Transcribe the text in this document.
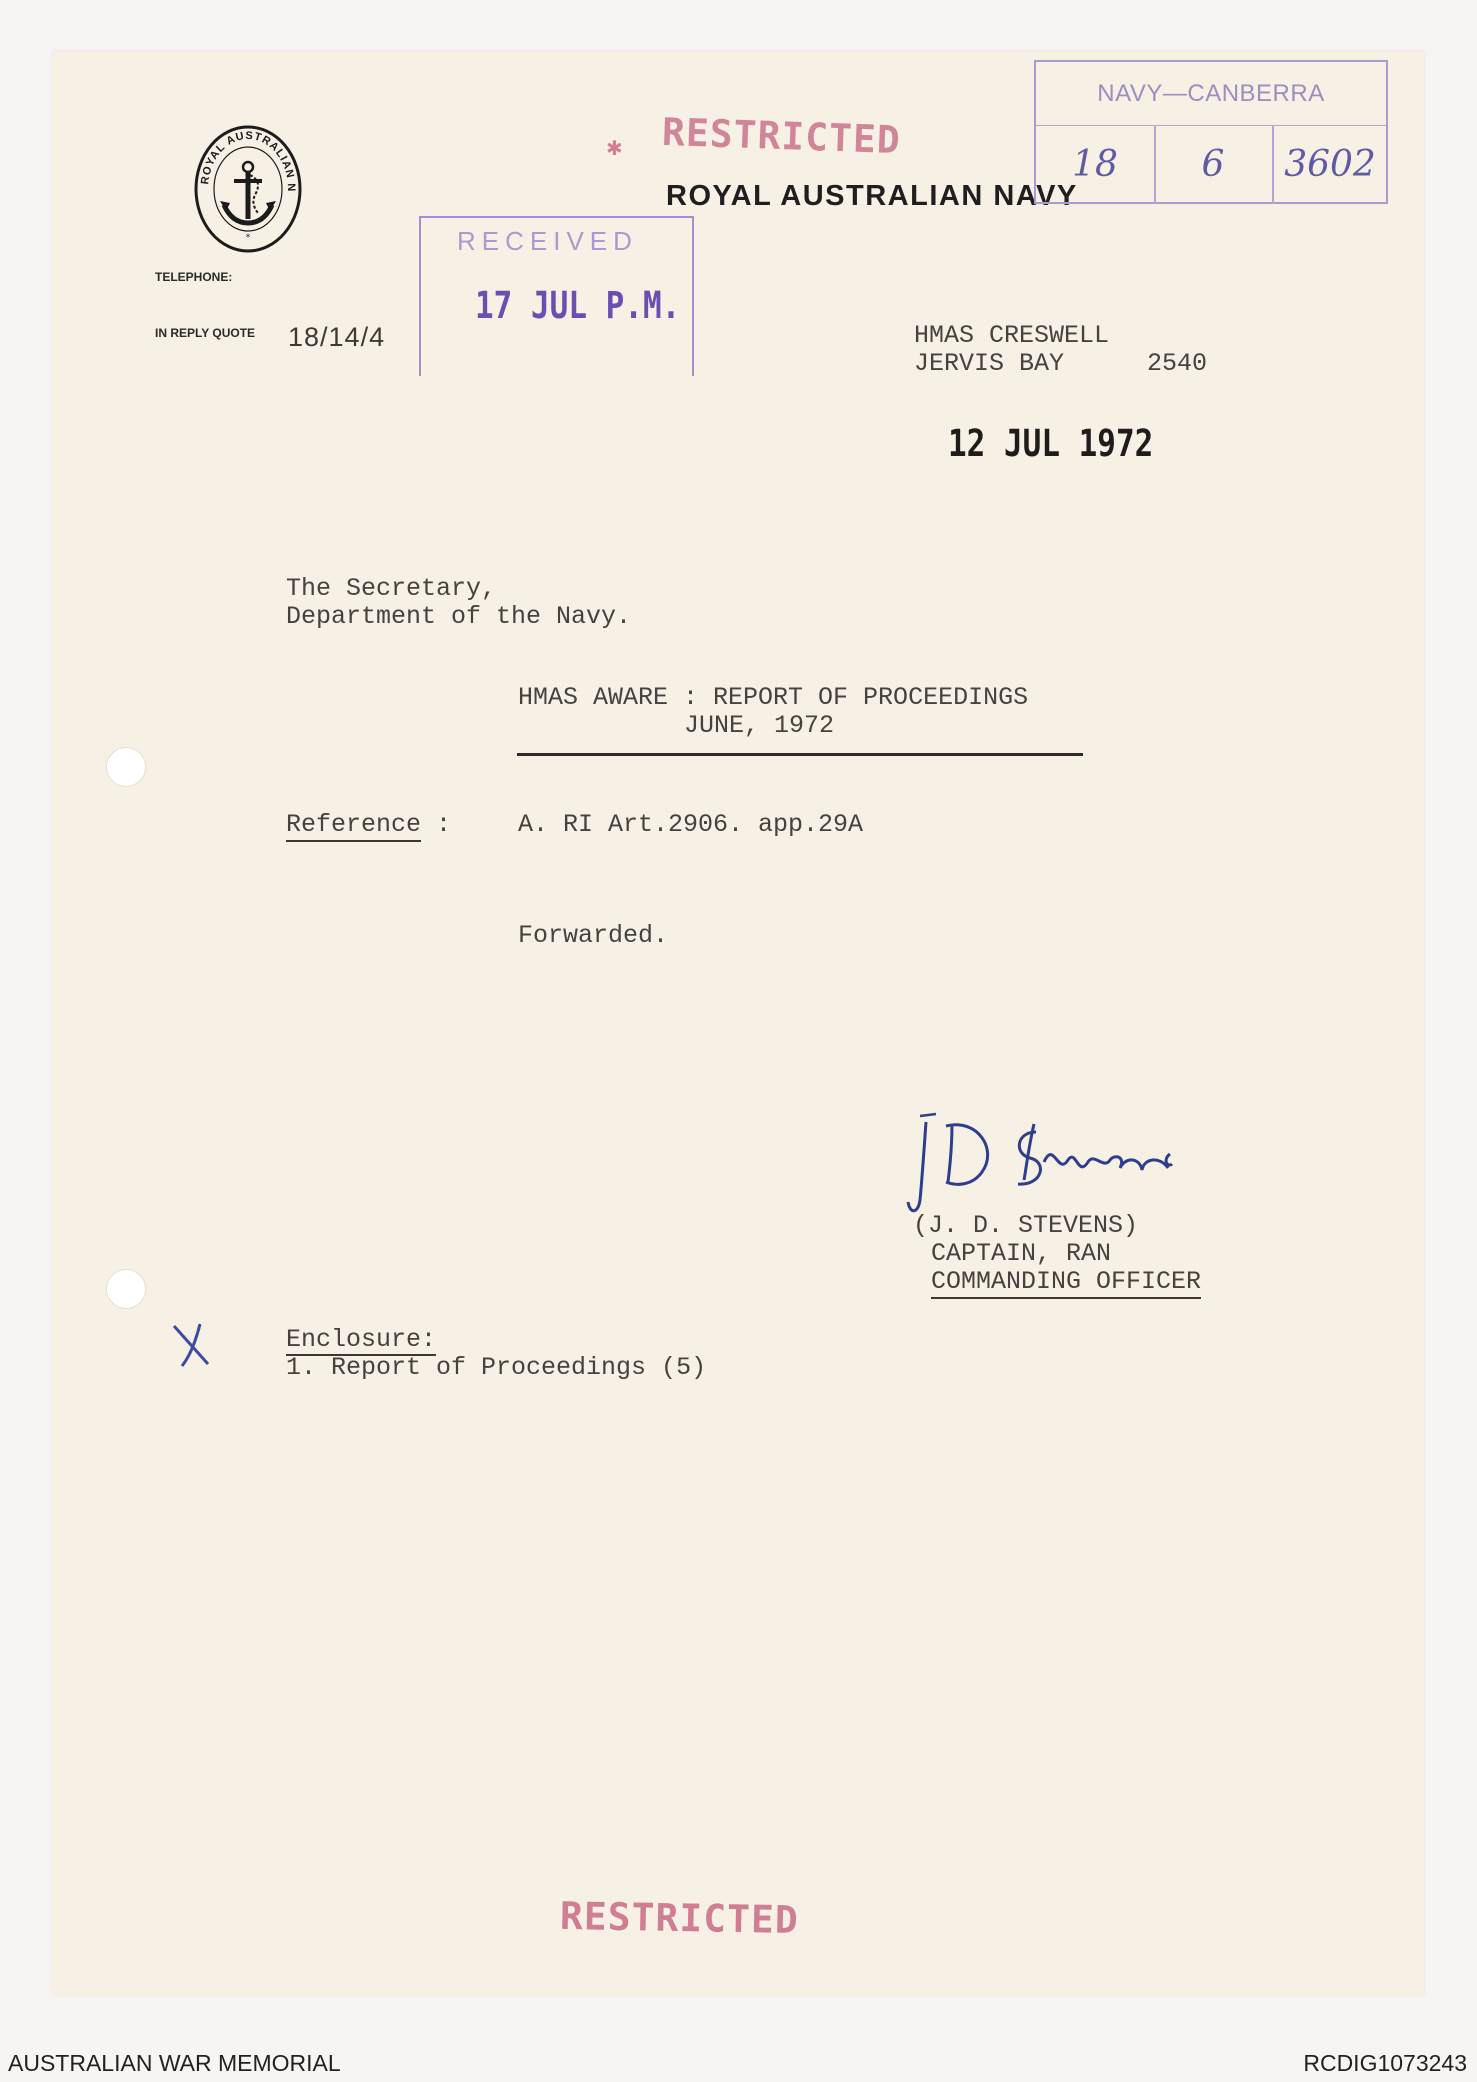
ROYAL AUSTRALIAN N
*
TELEPHONE:
IN REPLY QUOTE 18/14/4
✱ RESTRICTED
ROYAL AUSTRALIAN NAVY
NAVY—CANBERRA
18	6	3602
RECEIVED
17 JUL P.M.
HMAS CRESWELL
JERVIS BAY	2540
12 JUL 1972
The Secretary,
Department of the Navy.
HMAS AWARE : REPORT OF PROCEEDINGS
JUNE, 1972
Reference :	A. RI Art.2906. app.29A
Forwarded.
(J. D. STEVENS)
CAPTAIN, RAN
COMMANDING OFFICER
Enclosure:
1. Report of Proceedings (5)
RESTRICTED
AUSTRALIAN WAR MEMORIAL	RCDIG1073243
